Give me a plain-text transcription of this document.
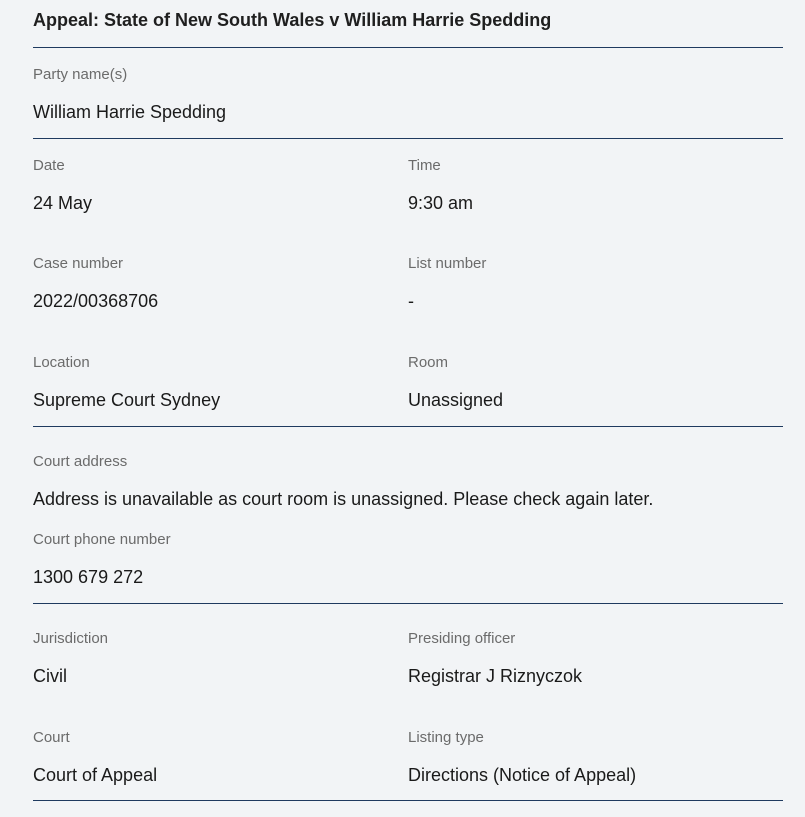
Appeal: State of New South Wales v William Harrie Spedding
Party name(s)
William Harrie Spedding
Date
24 May
Time
9:30 am
Case number
2022/00368706
List number
-
Location
Supreme Court Sydney
Room
Unassigned
Court address
Address is unavailable as court room is unassigned. Please check again later.
Court phone number
1300 679 272
Jurisdiction
Civil
Presiding officer
Registrar J Riznyczok
Court
Court of Appeal
Listing type
Directions (Notice of Appeal)
